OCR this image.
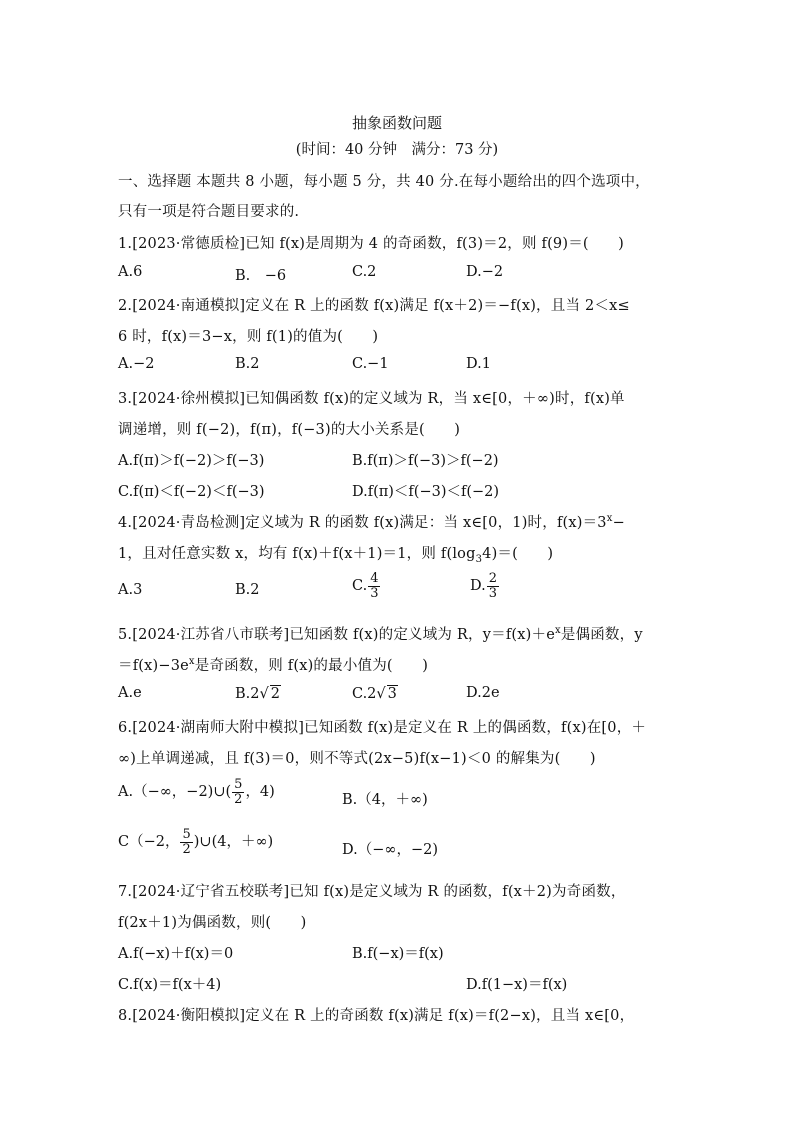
抽象函数问题
(时间：40 分钟　满分：73 分)
一、选择题 本题共 8 小题，每小题 5 分，共 40 分.在每小题给出的四个选项中，
只有一项是符合题目要求的.
1.[2023·常德质检]已知 f(x)是周期为 4 的奇函数，f(3)＝2，则 f(9)＝(　　)
A.6	B.　−6	C.2	D.−2
2.[2024·南通模拟]定义在 R 上的函数 f(x)满足 f(x＋2)＝−f(x)，且当 2＜x≤
6 时，f(x)＝3−x，则 f(1)的值为(　　)
A.−2	B.2	C.−1	D.1
3.[2024·徐州模拟]已知偶函数 f(x)的定义域为 R，当 x∈[0，＋∞)时，f(x)单
调递增，则 f(−2)，f(π)，f(−3)的大小关系是(　　)
A.f(π)＞f(−2)＞f(−3)	B.f(π)＞f(−3)＞f(−2)
C.f(π)＜f(−2)＜f(−3)	D.f(π)＜f(−3)＜f(−2)
4.[2024·青岛检测]定义域为 R 的函数 f(x)满足：当 x∈[0，1)时，$f(x)=3^x-$
1，且对任意实数 x，均有 f(x)＋f(x＋1)＝1，则 $f(\log_34)=$(　　)
A.3	B.2	C. $\frac{4}{3}$	D. $\frac{2}{3}$
5.[2024·江苏省八市联考]已知函数 f(x)的定义域为 R，$y=f(x)+e^x$是偶函数，y
$=f(x)-3e^x$是奇函数，则 f(x)的最小值为(　　)
A.e	B.2√ 2	C.2√ 3	D.2e
6.[2024·湖南师大附中模拟]已知函数 f(x)是定义在 R 上的偶函数，f(x)在[0，＋
∞)上单调递减，且 f(3)＝0，则不等式(2x−5)f(x−1)＜0 的解集为(　　)
A.（−∞，−2)∪( $\frac{5}{2}$ ，4)	B.（4，＋∞)
C（−2， $\frac{5}{2}$ )∪(4，＋∞)	D.（−∞，−2)
7.[2024·辽宁省五校联考]已知 f(x)是定义域为 R 的函数，f(x＋2)为奇函数，
f(2x＋1)为偶函数，则(　　)
A.f(−x)＋f(x)＝0	B.f(−x)＝f(x)
C.f(x)＝f(x＋4)	D.f(1−x)＝f(x)
8.[2024·衡阳模拟]定义在 R 上的奇函数 f(x)满足 f(x)＝f(2−x)，且当 x∈[0，
